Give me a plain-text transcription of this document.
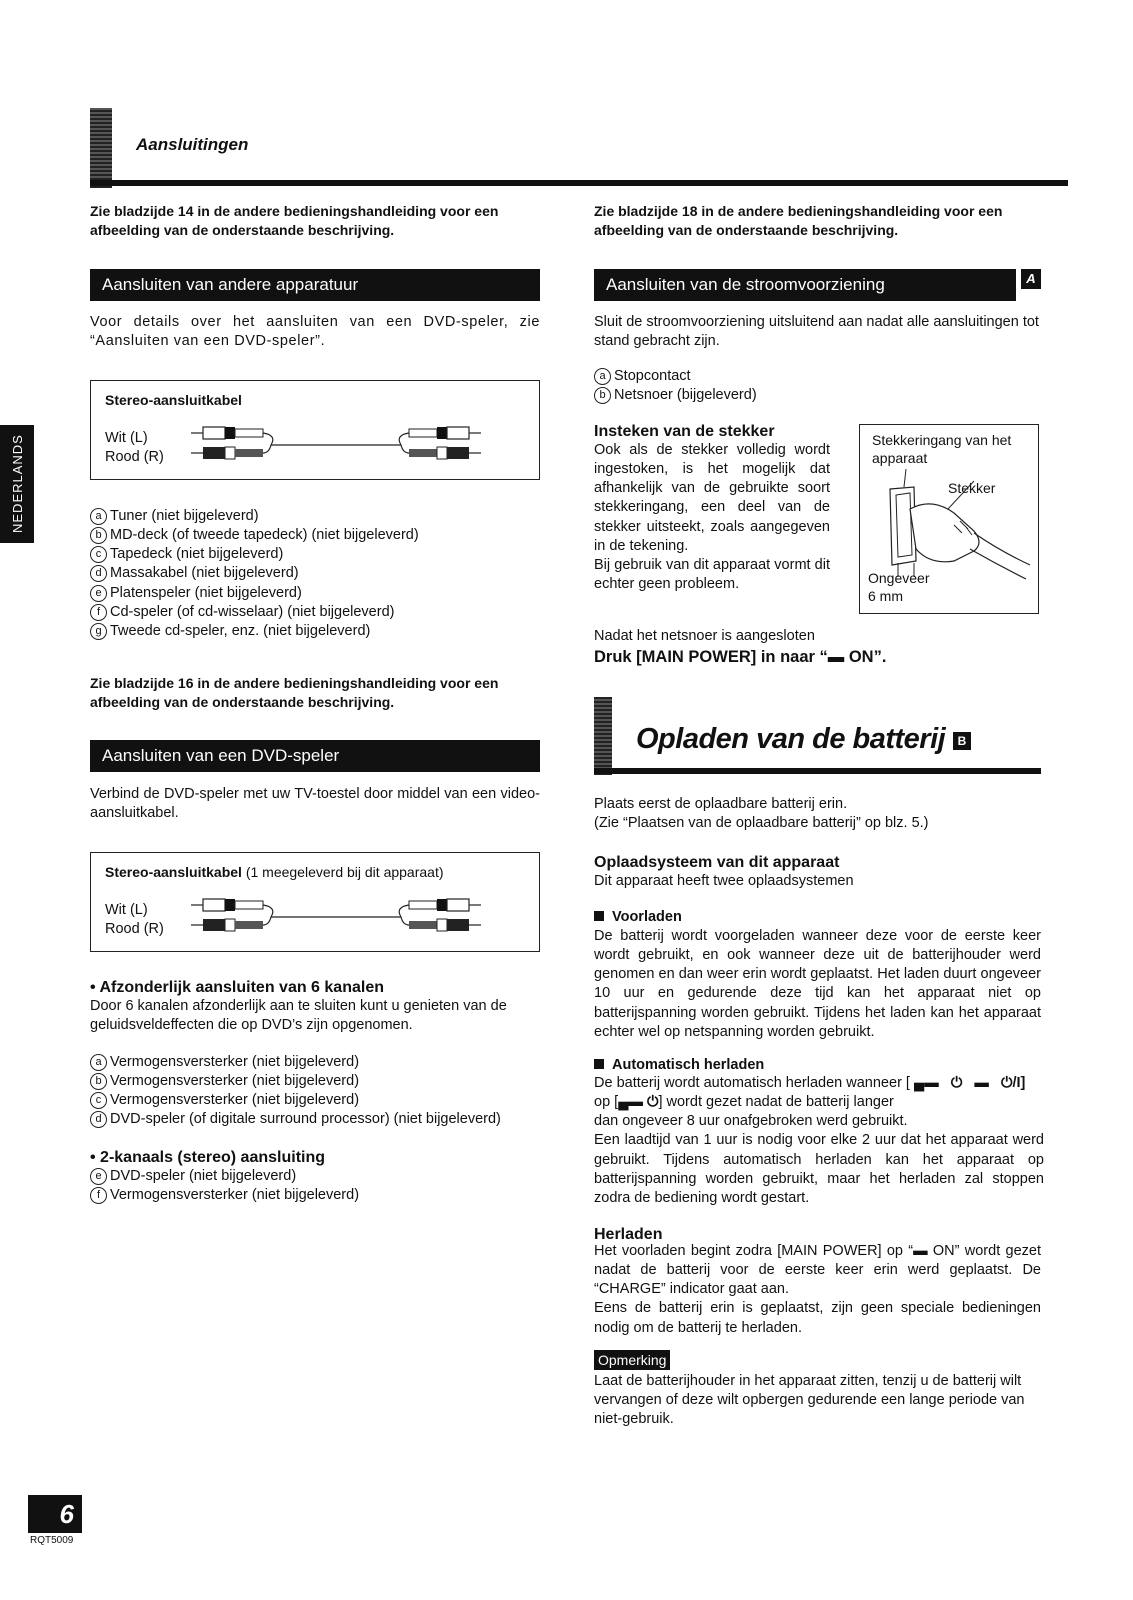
Aansluitingen
NEDERLANDS
Zie bladzijde 14 in de andere bedieningshandleiding voor een afbeelding van de onderstaande beschrijving.
Aansluiten van andere apparatuur
Voor details over het aansluiten van een DVD-speler, zie “Aansluiten van een DVD-speler”.
Stereo-aansluitkabel
Wit (L)
Rood (R)
a Tuner (niet bijgeleverd)
b MD-deck (of tweede tapedeck) (niet bijgeleverd)
c Tapedeck (niet bijgeleverd)
d Massakabel (niet bijgeleverd)
e Platenspeler (niet bijgeleverd)
f Cd-speler (of cd-wisselaar) (niet bijgeleverd)
g Tweede cd-speler, enz. (niet bijgeleverd)
Zie bladzijde 16 in de andere bedieningshandleiding voor een afbeelding van de onderstaande beschrijving.
Aansluiten van een DVD-speler
Verbind de DVD-speler met uw TV-toestel door middel van een video-aansluitkabel.
Stereo-aansluitkabel (1 meegeleverd bij dit apparaat)
Wit (L)
Rood (R)
• Afzonderlijk aansluiten van 6 kanalen
Door 6 kanalen afzonderlijk aan te sluiten kunt u genieten van de geluidsveldeffecten die op DVD’s zijn opgenomen.
a Vermogensversterker (niet bijgeleverd)
b Vermogensversterker (niet bijgeleverd)
c Vermogensversterker (niet bijgeleverd)
d DVD-speler (of digitale surround processor) (niet bijgeleverd)
• 2-kanaals (stereo) aansluiting
e DVD-speler (niet bijgeleverd)
f Vermogensversterker (niet bijgeleverd)
Zie bladzijde 18 in de andere bedieningshandleiding voor een afbeelding van de onderstaande beschrijving.
Aansluiten van de stroomvoorziening	A
Sluit de stroomvoorziening uitsluitend aan nadat alle aansluitingen tot stand gebracht zijn.
a Stopcontact
b Netsnoer (bijgeleverd)
Insteken van de stekker
Ook als de stekker volledig wordt ingestoken, is het mogelijk dat afhankelijk van de gebruikte soort stekkeringang, een deel van de stekker uitsteekt, zoals aangegeven in de tekening.
Bij gebruik van dit apparaat vormt dit echter geen probleem.
Stekkeringang van het apparaat
Stekker
Ongeveer
6 mm
Nadat het netsnoer is aangesloten
Druk [MAIN POWER] in naar “▬ ON”.
Opladen van de batterij B
Plaats eerst de oplaadbare batterij erin.
(Zie “Plaatsen van de oplaadbare batterij” op blz. 5.)
Oplaadsysteem van dit apparaat
Dit apparaat heeft twee oplaadsystemen
Voorladen
De batterij wordt voorgeladen wanneer deze voor de eerste keer wordt gebruikt, en ook wanneer deze uit de batterijhouder werd genomen en dan weer erin wordt geplaatst. Het laden duurt ongeveer 10 uur en gedurende deze tijd kan het apparaat niet op batterijspanning worden gebruikt. Tijdens het laden kan het apparaat echter wel op netspanning worden gebruikt.
Automatisch herladen
De batterij wordt automatisch herladen wanneer [ ▄▬   ⏻   ▬   ⏻/I]
op [▄▬ ⏻] wordt gezet nadat de batterij langer
dan ongeveer 8 uur onafgebroken werd gebruikt.
Een laadtijd van 1 uur is nodig voor elke 2 uur dat het apparaat werd gebruikt. Tijdens automatisch herladen kan het apparaat op batterijspanning worden gebruikt, maar het herladen zal stoppen zodra de bediening wordt gestart.
Herladen
Het voorladen begint zodra [MAIN POWER] op “▬ ON” wordt gezet nadat de batterij voor de eerste keer erin werd geplaatst. De “CHARGE” indicator gaat aan.
Eens de batterij erin is geplaatst, zijn geen speciale bedieningen nodig om de batterij te herladen.
Opmerking
Laat de batterijhouder in het apparaat zitten, tenzij u de batterij wilt vervangen of deze wilt opbergen gedurende een lange periode van niet-gebruik.
6
RQT5009
